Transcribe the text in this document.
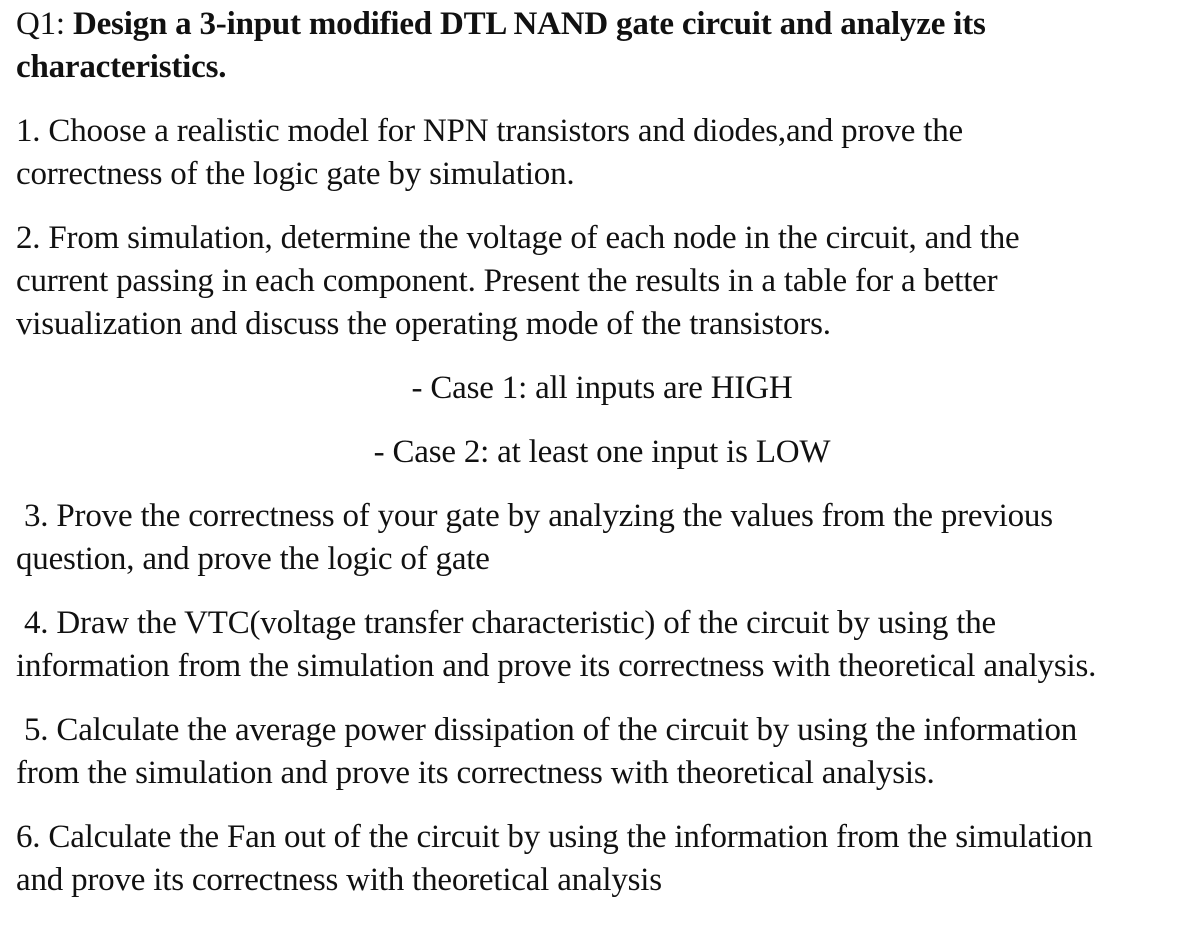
Q1: Design a 3-input modified DTL NAND gate circuit and analyze its
characteristics.
1. Choose a realistic model for NPN transistors and diodes,and prove the
correctness of the logic gate by simulation.
2. From simulation, determine the voltage of each node in the circuit, and the
current passing in each component. Present the results in a table for a better
visualization and discuss the operating mode of the transistors.
- Case 1: all inputs are HIGH
- Case 2: at least one input is LOW
3. Prove the correctness of your gate by analyzing the values from the previous
question, and prove the logic of gate
4. Draw the VTC(voltage transfer characteristic) of the circuit by using the
information from the simulation and prove its correctness with theoretical analysis.
5. Calculate the average power dissipation of the circuit by using the information
from the simulation and prove its correctness with theoretical analysis.
6. Calculate the Fan out of the circuit by using the information from the simulation
and prove its correctness with theoretical analysis
